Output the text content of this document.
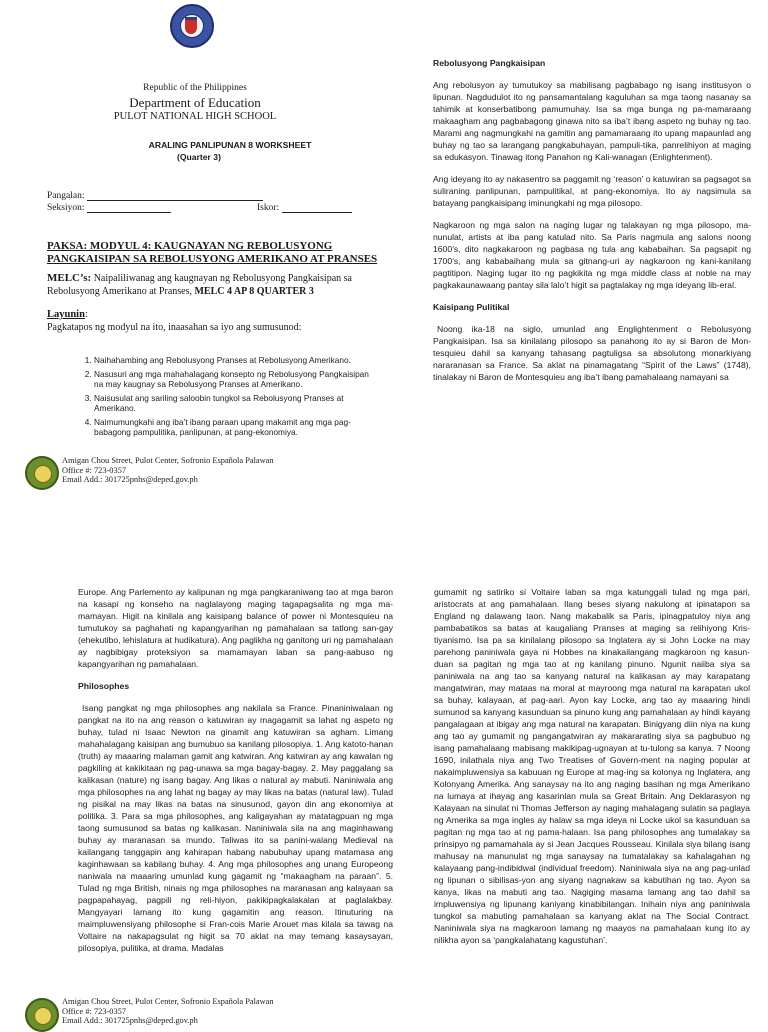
Republic of the Philippines
Department of Education
PULOT NATIONAL HIGH SCHOOL
ARALING PANLIPUNAN 8 WORKSHEET
(Quarter 3)
Pangalan:
Seksiyon:	Iskor:
PAKSA: MODYUL 4: KAUGNAYAN NG REBOLUSYONG
PANGKAISIPAN SA REBOLUSYONG AMERIKANO AT PRANSES
MELC’s: Naipaliliwanag ang kaugnayan ng Rebolusyong Pangkaisipan sa Rebolusyong Amerikano at Pranses, MELC 4 AP 8 QUARTER 3
Layunin:
Pagkatapos ng modyul na ito, inaasahan sa iyo ang sumusunod:
1. Naihahambing ang Rebolusyong Pranses at Rebolusyong Amerikano.
2. Nasusuri ang mga mahahalagang konsepto ng Rebolusyong Pangkaisipan na may kaugnay sa Rebolusyong Pranses at Amerikano.
3. Naisusulat ang sariling saloobin tungkol sa Rebolusyong Pranses at Amerikano.
4. Naimumungkahi ang iba’t ibang paraan upang makamit ang mga pag-babagong pampulitika, panlipunan, at pang-ekonomiya.
Amigan Chou Street, Pulot Center, Sofronio Española Palawan
Office #: 723-0357
Email Add.: 301725pnhs@deped.gov.ph
Rebolusyong Pangkaisipan

Ang rebolusyon ay tumutukoy sa mabilisang pagbabago ng isang institusyon o lipunan. Nagdudulot ito ng pansamantalang kaguluhan sa mga taong nasanay sa tahimik at konserbatibong pamumuhay. Isa sa mga bunga ng pa-mamaraang makaagham ang pagbabagong ginawa nito sa iba’t ibang aspeto ng buhay ng tao. Marami ang nagmungkahi na gamitin ang pamamaraang ito upang mapaunlad ang buhay ng tao sa larangang pangkabuhayan, pampuli-tika, panrelihiyon at maging sa edukasyon. Tinawag itong Panahon ng Kali-wanagan (Enlightenment).

Ang ideyang ito ay nakasentro sa paggamit ng ‘reason’ o katuwiran sa pagsagot sa suliraning panlipunan, pampulitikal, at pang-ekonomiya. Ito ay nagsimula sa batayang pangkaisipang iminungkahi ng mga pilosopo.

Nagkaroon ng mga salon na naging lugar ng talakayan ng mga pilosopo, ma-nunulat, artists at iba pang katulad nito. Sa Paris nagmula ang salons noong 1600’s, dito nagkakaroon ng pagbasa ng tula ang kababaihan. Sa pagsapit ng 1700’s, ang kababaihang mula sa gitnang-uri ay nagkaroon ng kani-kanilang pagtitipon. Naging lugar ito ng pagkikita ng mga middle class at noble na may pagkakaunawaang pantay sila lalo’t higit sa pagtalakay ng mga ideyang lib-eral.

Kaisipang Pulitikal

Noong ika-18 na siglo, umunlad ang Englightenment o Rebolusyong Pangkaisipan. Isa sa kinilalang pilosopo sa panahong ito ay si Baron de Mon-tesquieu dahil sa kanyang tahasang pagtuligsa sa absolutong monarkiyang nararanasan sa France. Sa aklat na pinamagatang “Spirit of the Laws” (1748), tinalakay ni Baron de Montesquieu ang iba’t ibang pamahalaang namayani sa

Europe. Ang Parlemento ay kalipunan ng mga pangkaraniwang tao at mga baron na kasapi ng konseho na naglalayong maging tagapagsalita ng mga ma-mamayan. Higit na kinilala ang kaisipang balance of power ni Montesquieu na tumutukoy sa paghahati ng kapangyarihan ng pamahalaan sa tatlong san-gay (ehekutibo, lehislatura at hudikatura). Ang paglikha ng ganitong uri ng pamahalaan ay nagbibigay proteksiyon sa mamamayan laban sa pang-aabuso ng kapangyarihan ng pamahalaan.

Philosophes

Isang pangkat ng mga philosophes ang nakilala sa France. Pinaniniwalaan ng pangkat na ito na ang reason o katuwiran ay magagamit sa lahat ng aspeto ng buhay, tulad ni Isaac Newton na ginamit ang katuwiran sa agham. Limang mahahalagang kaisipan ang bumubuo sa kanilang pilosopiya. 1. Ang katoto-hanan (truth) ay maaaring malaman gamit ang katwiran. Ang katwiran ay ang kawalan ng pagkiling at kakikitaan ng pag-unawa sa mga bagay-bagay. 2. May paggalang sa kalikasan (nature) ng isang bagay. Ang likas o natural ay mabuti. Naniniwala ang mga philosophes na ang lahat ng bagay ay may likas na batas (natural law). Tulad ng pisikal na may likas na batas na sinusunod, gayon din ang ekonomiya at politika. 3. Para sa mga philosophes, ang kaligayahan ay matatagpuan ng mga taong sumusunod sa batas ng kalikasan. Naniniwala sila na ang maginhawang buhay ay maranasan sa mundo. Taliwas ito sa panini-walang Medieval na kailangang tanggapin ang kahirapan habang nabubuhay upang matamasa ang kaginhawaan sa kabilang buhay. 4. Ang mga philosophes ang unang Europeong naniwala na maaaring umunlad kung gagamit ng “makaagham na paraan”. 5. Tulad ng mga British, ninais ng mga philosophes na maranasan ang kalayaan sa pagpapahayag, pagpili ng reli-hiyon, pakikipagkalakalan at paglalakbay. Mangyayari lamang ito kung gagamitin ang reason. Itinuturing na maimpluwensiyang philosophe si Fran-cois Marie Arouet mas kilala sa tawag na Voltaire na nakapagsulat ng higit sa 70 aklat na may temang kasaysayan, pilosopiya, pulitika, at drama. Madalas

gumamit ng satiriko si Voltaire laban sa mga katunggali tulad ng mga pari, aristocrats at ang pamahalaan. Ilang beses siyang nakulong at ipinatapon sa England ng dalawang taon. Nang makabalik sa Paris, ipinagpatuloy niya ang pambabatikos sa batas at kaugaliang Pranses at maging sa relihiyong Kris-tiyanismo. Isa pa sa kinilalang pilosopo sa Inglatera ay si John Locke na may parehong paniniwala gaya ni Hobbes na kinakailangang magkaroon ng kasun-duan sa pagitan ng mga tao at ng kanilang pinuno. Ngunit naiiba siya sa paniniwala na ang tao sa kanyang natural na kalikasan ay may karapatang mangatwiran, may mataas na moral at mayroong mga natural na karapatan ukol sa buhay, kalayaan, at pag-aari. Ayon kay Locke, ang tao ay maaaring hindi sumunod sa kanyang kasunduan sa pinuno kung ang pamahalaan ay hindi kayang pangalagaan at ibigay ang mga natural na karapatan. Binigyang diin niya na kung ang tao ay gumamit ng pangangatwiran ay makararating siya sa pagbubuo ng isang pamahalaang mabisang makikipag-ugnayan at tu-tulong sa kanya. 7 Noong 1690, inilathala niya ang Two Treatises of Govern-ment na naging popular at nakaimpluwensiya sa kabuuan ng Europe at mag-ing sa kolonya ng Inglatera, ang Kolonyang Amerika. Ang sanaysay na ito ang naging basihan ng mga Amerikano na lumaya at ihayag ang kasarinlan mula sa Great Britain. Ang Deklarasyon ng Kalayaan na sinulat ni Thomas Jefferson ay naging mahalagang sulatin sa paglaya ng Amerika sa mga ingles ay halaw sa mga ideya ni Locke ukol sa kasunduan sa pagitan ng mga tao at ng pama-halaan. Isa pang philosophes ang tumalakay sa prinsipyo ng pamamahala ay si Jean Jacques Rousseau. Kinilala siya bilang isang mahusay na manunulat ng mga sanaysay na tumatalakay sa kahalagahan ng kalayaang pang-indibidwal (individual freedom). Naniniwala siya na ang pag-unlad ng lipunan o sibilisas-yon ang siyang nagnakaw sa kabutihan ng tao. Ayon sa kanya, likas na mabuti ang tao. Nagiging masama lamang ang tao dahil sa impluwensiya ng lipunang kaniyang kinabibilangan. Inihain niya ang paniniwala tungkol sa mabuting pamahalaan sa kanyang aklat na The Social Contract. Naniniwala siya na magkaroon lamang ng maayos na pamahalaan kung ito ay nilikha ayon sa ‘pangkalahatang kagustuhan’.

Amigan Chou Street, Pulot Center, Sofronio Española Palawan
Office #: 723-0357
Email Add.: 301725pnhs@deped.gov.ph
